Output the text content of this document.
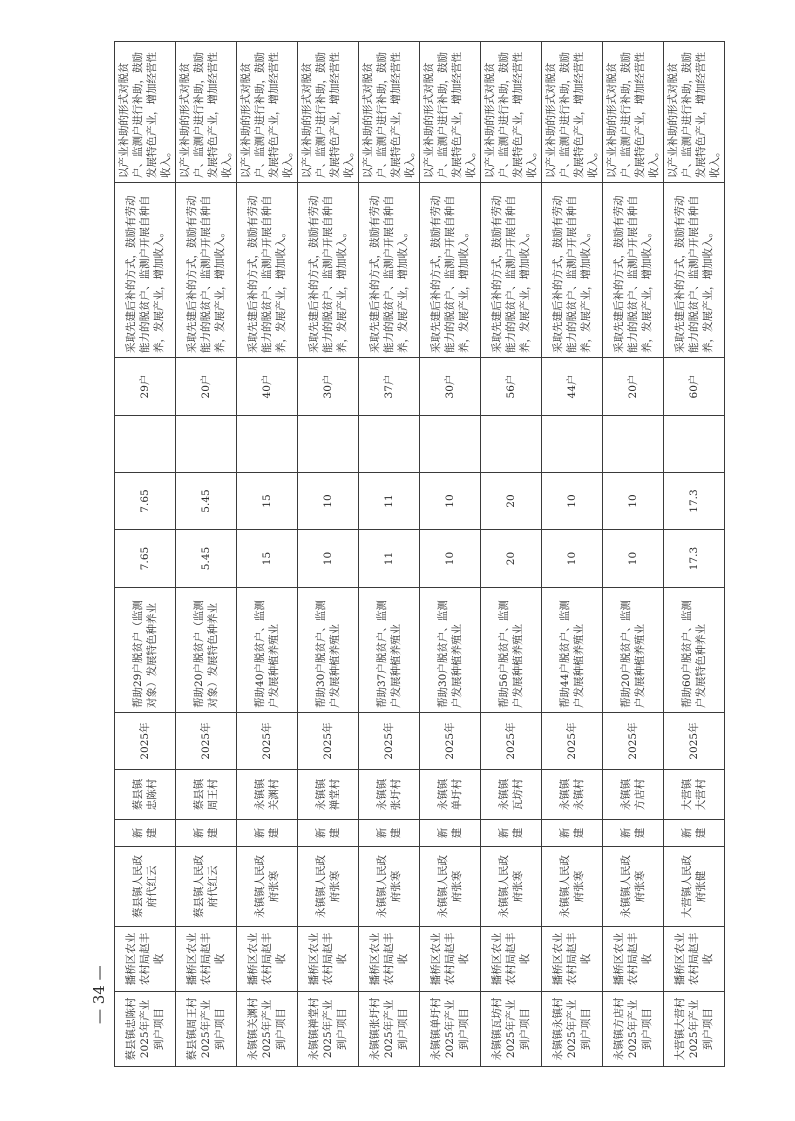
— 34 —
蔡县镇忠陈村2025年产业到户项目	播桥区农业农村局赵丰收	蔡县镇人民政府代红云	新建	蔡县镇忠陈村	2025年	帮助29户脱贫户（监测对象）发展特色种养业	7.65	7.65		29户	采取先建后补的方式，鼓励有劳动能力的脱贫户、监测户开展自种自养，发展产业，增加收入。	以产业补助的形式对脱贫户、监测户进行补助，鼓励发展特色产业，增加经营性收入。
蔡县镇周王村2025年产业到户项目	播桥区农业农村局赵丰收	蔡县镇人民政府代红云	新建	蔡县镇周王村	2025年	帮助20户脱贫户（监测对象）发展特色种养业	5.45	5.45		20户	采取先建后补的方式，鼓励有劳动能力的脱贫户、监测户开展自种自养，发展产业，增加收入。	以产业补助的形式对脱贫户、监测户进行补助，鼓励发展特色产业，增加经营性收入。
永镇镇关渊村2025年产业到户项目	播桥区农业农村局赵丰收	永镇镇人民政府张寒	新建	永镇镇关渊村	2025年	帮助40户脱贫户、监测户发展种植养殖业	15	15		40户	采取先建后补的方式，鼓励有劳动能力的脱贫户、监测户开展自种自养，发展产业，增加收入。	以产业补助的形式对脱贫户、监测户进行补助，鼓励发展特色产业，增加经营性收入。
永镇镇禅堂村2025年产业到户项目	播桥区农业农村局赵丰收	永镇镇人民政府张寒	新建	永镇镇禅堂村	2025年	帮助30户脱贫户、监测户发展种植养殖业	10	10		30户	采取先建后补的方式，鼓励有劳动能力的脱贫户、监测户开展自种自养，发展产业，增加收入。	以产业补助的形式对脱贫户、监测户进行补助，鼓励发展特色产业，增加经营性收入。
永镇镇张圩村2025年产业到户项目	播桥区农业农村局赵丰收	永镇镇人民政府张寒	新建	永镇镇张圩村	2025年	帮助37户脱贫户、监测户发展种植养殖业	11	11		37户	采取先建后补的方式，鼓励有劳动能力的脱贫户、监测户开展自种自养，发展产业，增加收入。	以产业补助的形式对脱贫户、监测户进行补助，鼓励发展特色产业，增加经营性收入。
永镇镇单圩村2025年产业到户项目	播桥区农业农村局赵丰收	永镇镇人民政府张寒	新建	永镇镇单圩村	2025年	帮助30户脱贫户、监测户发展种植养殖业	10	10		30户	采取先建后补的方式，鼓励有劳动能力的脱贫户、监测户开展自种自养，发展产业，增加收入。	以产业补助的形式对脱贫户、监测户进行补助，鼓励发展特色产业，增加经营性收入。
永镇镇瓦坊村2025年产业到户项目	播桥区农业农村局赵丰收	永镇镇人民政府张寒	新建	永镇镇瓦坊村	2025年	帮助56户脱贫户、监测户发展种植养殖业	20	20		56户	采取先建后补的方式，鼓励有劳动能力的脱贫户、监测户开展自种自养，发展产业，增加收入。	以产业补助的形式对脱贫户、监测户进行补助，鼓励发展特色产业，增加经营性收入。
永镇镇永镇村2025年产业到户项目	播桥区农业农村局赵丰收	永镇镇人民政府张寒	新建	永镇镇永镇村	2025年	帮助44户脱贫户、监测户发展种植养殖业	10	10		44户	采取先建后补的方式，鼓励有劳动能力的脱贫户、监测户开展自种自养，发展产业，增加收入。	以产业补助的形式对脱贫户、监测户进行补助，鼓励发展特色产业，增加经营性收入。
永镇镇方店村2025年产业到户项目	播桥区农业农村局赵丰收	永镇镇人民政府张寒	新建	永镇镇方店村	2025年	帮助20户脱贫户、监测户发展种植养殖业	10	10		20户	采取先建后补的方式，鼓励有劳动能力的脱贫户、监测户开展自种自养，发展产业，增加收入。	以产业补助的形式对脱贫户、监测户进行补助，鼓励发展特色产业，增加经营性收入。
大营镇大营村2025年产业到户项目	播桥区农业农村局赵丰收	大营镇人民政府张健	新建	大营镇大营村	2025年	帮助60户脱贫户、监测户发展特色种养业	17.3	17.3		60户	采取先建后补的方式，鼓励有劳动能力的脱贫户、监测户开展自种自养，发展产业，增加收入。	以产业补助的形式对脱贫户、监测户进行补助，鼓励发展特色产业，增加经营性收入。
